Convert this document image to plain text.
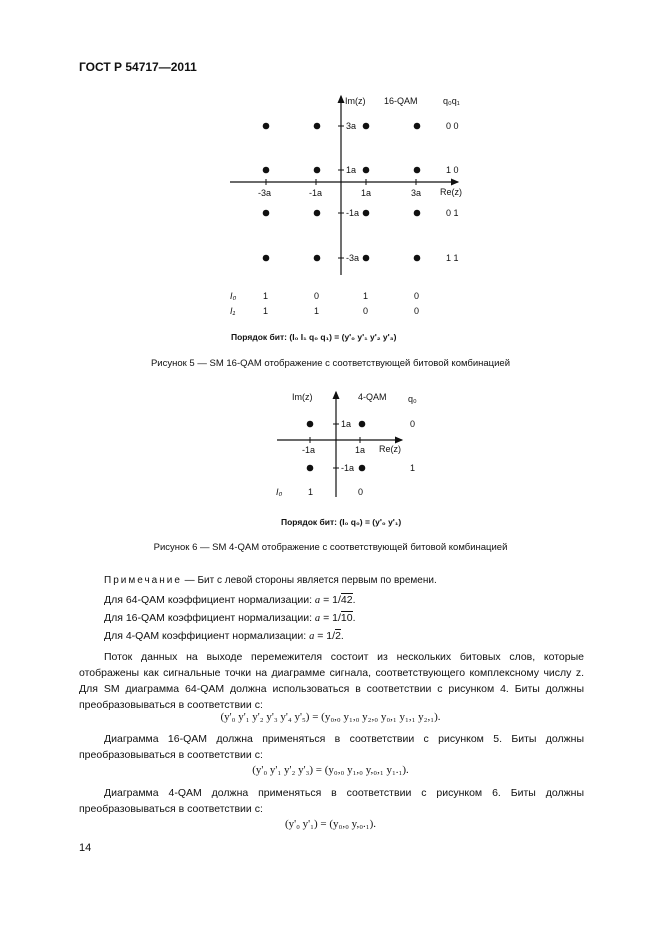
ГОСТ Р 54717—2011
Im(z)
Re(z)
16-QAM	q₀q₁
-3a	-1a	1a	3a
3a
1a
-1a
-3a
0 0
1 0
0 1
1 1
I₀
I₁
1	0	1	0
1	1	0	0
Порядок бит: (I₀ I₁ q₀ q₁) = (y'₀ y'₁ y'₂ y'₃)
Рисунок 5 — SM 16-QAM отображение с соответствующей битовой комбинацией
Im(z)
Re(z)
4-QAM q₀
-1a	1a
1a
-1a
0
1
I₀	1	0
Порядок бит: (I₀ q₀) = (y'₀ y'₁)
Рисунок 6 — SM 4-QAM отображение с соответствующей битовой комбинацией
Примечание — Бит с левой стороны является первым по времени.
Для 64-QAM коэффициент нормализации: a = 1/42.
Для 16-QAM коэффициент нормализации: a = 1/10.
Для 4-QAM коэффициент нормализации: a = 1/2.
Поток данных на выходе перемежителя состоит из нескольких битовых слов, которые отображены как сигнальные точки на диаграмме сигнала, соответствующего комплексному числу z. Для SM диаграмма 64-QAM должна использоваться в соответствии с рисунком 4. Биты должны преобразовываться в соответствии с:
(y'₀ y'₁ y'₂ y'₃ y'₄ y'₅) = (y₀,₀ y₁,₀ y₂,₀ y₀,₁ y₁,₁ y₂,₁).
Диаграмма 16-QAM должна применяться в соответствии с рисунком 5. Биты должны преобразовываться в соответствии с:
(y'₀ y'₁ y'₂ y'₃) = (y₀,₀ y₁,₀ y,₀,₁ y₁.₁).
Диаграмма 4-QAM должна применяться в соответствии с рисунком 6. Биты должны преобразовываться в соответствии с:
(y'₀ y'₁) = (y₀,₀ y,₀.₁).
14
